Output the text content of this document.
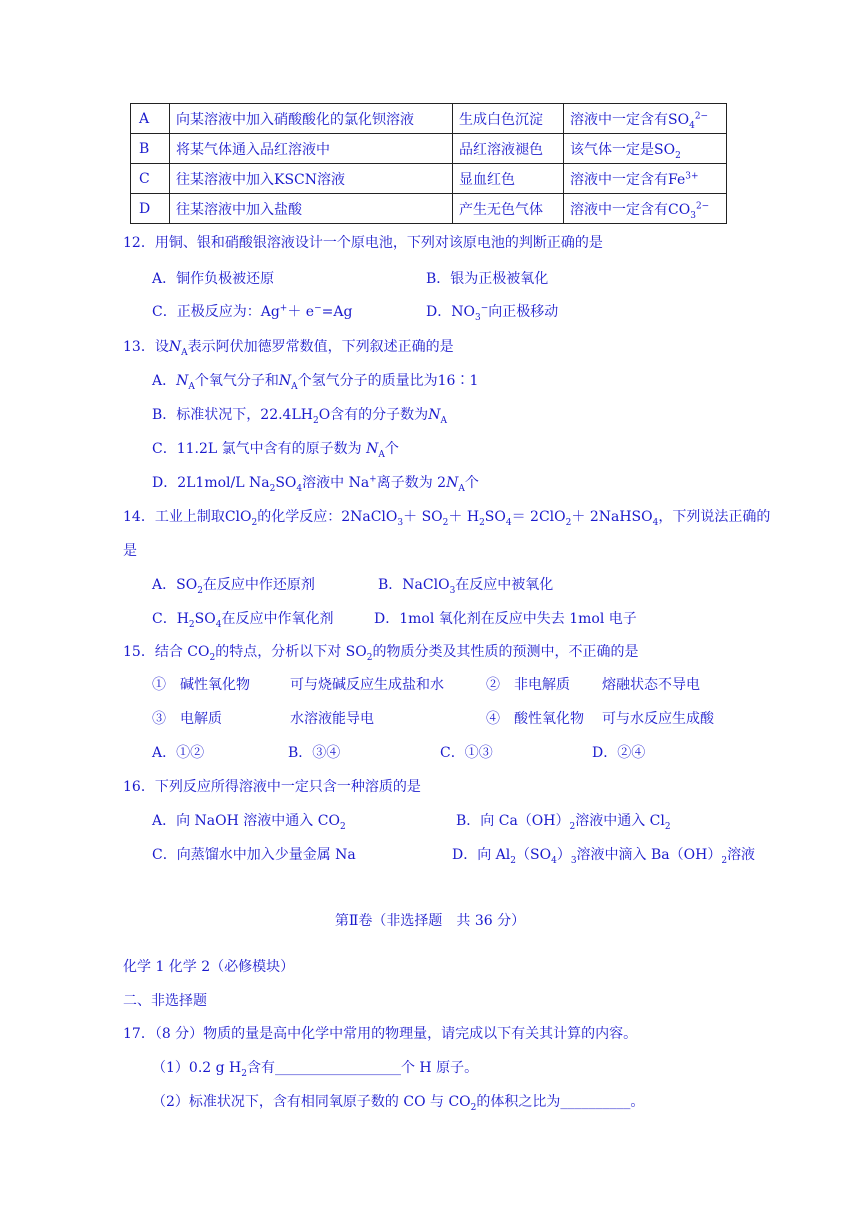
A	向某溶液中加入硝酸酸化的氯化钡溶液	生成白色沉淀	溶液中一定含有$SO_4^{2-}$
B	将某气体通入品红溶液中	品红溶液褪色	该气体一定是$SO_2$
C	往某溶液中加入KSCN溶液	显血红色	溶液中一定含有$Fe^{3+}$
D	往某溶液中加入盐酸	产生无色气体	溶液中一定含有$CO_3^{2-}$
12．用铜、银和硝酸银溶液设计一个原电池，下列对该原电池的判断正确的是
A．铜作负极被还原	B．银为正极被氧化
C．正极反应为：Ag+＋ e−=Ag	D．$NO_3^-$向正极移动
13．设$N_A$表示阿伏加德罗常数值，下列叙述正确的是
A．$N_A$个氧气分子和$N_A$个氢气分子的质量比为16∶1
B．标准状况下，$22.4LH_2O$含有的分子数为$N_A$
C．11.2L 氯气中含有的原子数为 $N_A$个
D．2L1mol/L $Na_2SO_4$溶液中 Na+离子数为 $2N_A$个
14．工业上制取ClO$_2$的化学反应：2NaClO$_3$＋ $SO_2+ H_2SO_4= 2ClO_2+$ 2NaHSO$_4$，下列说法正确的
是
A．$SO_2$在反应中作还原剂	B．NaClO$_3$在反应中被氧化
C．$H_2SO_4$在反应中作氧化剂	D．1mol 氧化剂在反应中失去 1mol 电子
15．结合 $CO_2$的特点，分析以下对 $SO_2$的物质分类及其性质的预测中，不正确的是
①　碱性氧化物	可与烧碱反应生成盐和水	②　非电解质 熔融状态不导电
③　电解质	水溶液能导电	④　酸性氧化物 可与水反应生成酸
A．①②	B．③④	C．①③	D．②④
16．下列反应所得溶液中一定只含一种溶质的是
A．向 NaOH 溶液中通入 $CO_2$	B．向 $Ca(OH)_2$溶液中通入 $Cl_2$
C．向蒸馏水中加入少量金属 Na	D．向 $Al_2(SO_4)_3$溶液中滴入 $Ba(OH)_2$溶液
第Ⅱ卷（非选择题　共 36 分）
化学 1 化学 2（必修模块）
二、非选择题
17．（8 分）物质的量是高中化学中常用的物理量，请完成以下有关其计算的内容。
（1）0.2 g $H_2$含有__________________个 H 原子。
（2）标准状况下，含有相同氧原子数的 CO 与 $CO_2$的体积之比为__________。
